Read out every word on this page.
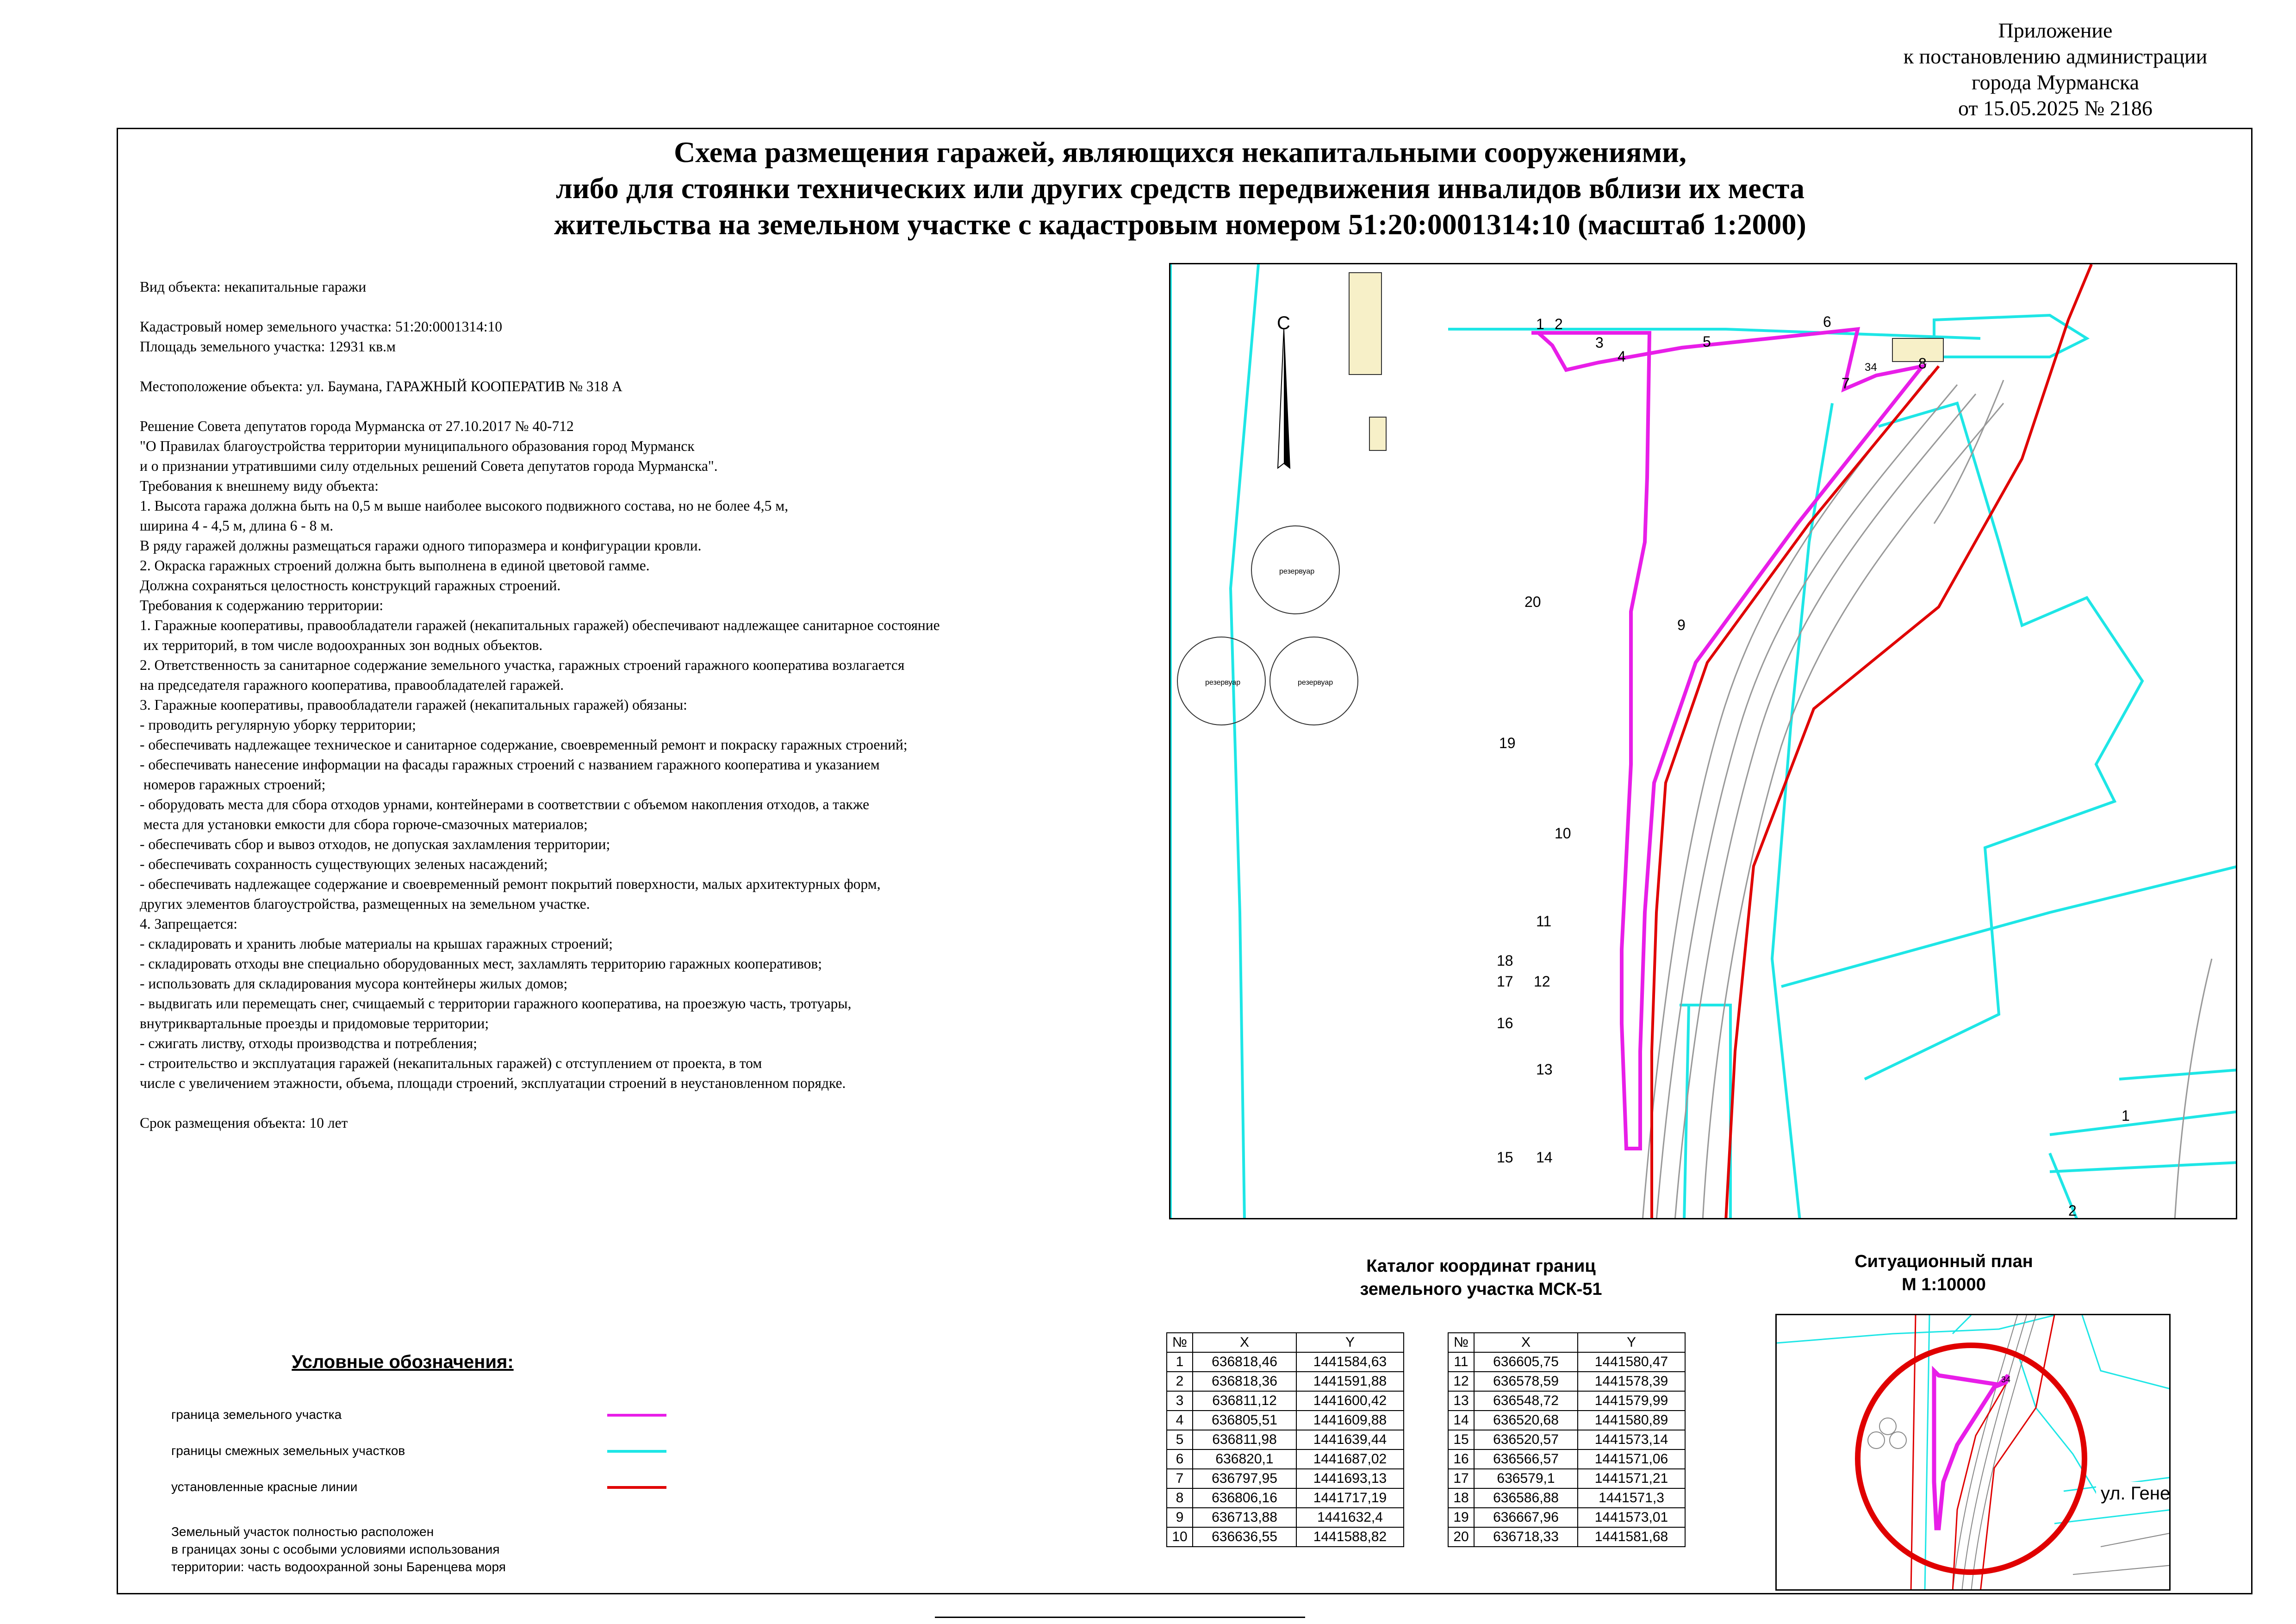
Приложение
к постановлению администрации
города Мурманска
от 15.05.2025 № 2186
Схема размещения гаражей, являющихся некапитальными сооружениями,
либо для стоянки технических или других средств передвижения инвалидов вблизи их места
жительства на земельном участке с кадастровым номером 51:20:0001314:10 (масштаб 1:2000)
Вид объекта: некапитальные гаражи
Кадастровый номер земельного участка: 51:20:0001314:10
Площадь земельного участка: 12931 кв.м
Местоположение объекта: ул. Баумана, ГАРАЖНЫЙ КООПЕРАТИВ № 318 А
Решение Совета депутатов города Мурманска от 27.10.2017 № 40-712
"О Правилах благоустройства территории муниципального образования город Мурманск
и о признании утратившими силу отдельных решений Совета депутатов города Мурманска".
Требования к внешнему виду объекта:
1. Высота гаража должна быть на 0,5 м выше наиболее высокого подвижного состава, но не более 4,5 м,
ширина 4 - 4,5 м, длина 6 - 8 м.
В ряду гаражей должны размещаться гаражи одного типоразмера и конфигурации кровли.
2. Окраска гаражных строений должна быть выполнена в единой цветовой гамме.
Должна сохраняться целостность конструкций гаражных строений.
Требования к содержанию территории:
1. Гаражные кооперативы, правообладатели гаражей (некапитальных гаражей) обеспечивают надлежащее санитарное состояние
их территорий, в том числе водоохранных зон водных объектов.
2. Ответственность за санитарное содержание земельного участка, гаражных строений гаражного кооператива возлагается
на председателя гаражного кооператива, правообладателей гаражей.
3. Гаражные кооперативы, правообладатели гаражей (некапитальных гаражей) обязаны:
- проводить регулярную уборку территории;
- обеспечивать надлежащее техническое и санитарное содержание, своевременный ремонт и покраску гаражных строений;
- обеспечивать нанесение информации на фасады гаражных строений с названием гаражного кооператива и указанием
номеров гаражных строений;
- оборудовать места для сбора отходов урнами, контейнерами в соответствии с объемом накопления отходов, а также
места для установки емкости для сбора горюче-смазочных материалов;
- обеспечивать сбор и вывоз отходов, не допуская захламления территории;
- обеспечивать сохранность существующих зеленых насаждений;
- обеспечивать надлежащее содержание и своевременный ремонт покрытий поверхности, малых архитектурных форм,
других элементов благоустройства, размещенных на земельном участке.
4. Запрещается:
- складировать и хранить любые материалы на крышах гаражных строений;
- складировать отходы вне специально оборудованных мест, захламлять территорию гаражных кооперативов;
- использовать для складирования мусора контейнеры жилых домов;
- выдвигать или перемещать снег, счищаемый с территории гаражного кооператива, на проезжую часть, тротуары,
внутриквартальные проезды и придомовые территории;
- сжигать листву, отходы производства и потребления;
- строительство и эксплуатация гаражей (некапитальных гаражей) с отступлением от проекта, в том
числе с увеличением этажности, объема, площади строений, эксплуатации строений в неустановленном порядке.
Срок размещения объекта: 10 лет
резервуар
резервуар	резервуар
С	1 2
3
4
5
6
7
8
9
10
11
12
13
14
15
16
17
18
19
20
34
1
2
Каталог координат границ
земельного участка МСК-51
№	X	Y
1	636818,46	1441584,63
2	636818,36	1441591,88
3	636811,12	1441600,42
4	636805,51	1441609,88
5	636811,98	1441639,44
6	636820,1	1441687,02
7	636797,95	1441693,13
8	636806,16	1441717,19
9	636713,88	1441632,4
10	636636,55	1441588,82
№	X	Y
11	636605,75	1441580,47
12	636578,59	1441578,39
13	636548,72	1441579,99
14	636520,68	1441580,89
15	636520,57	1441573,14
16	636566,57	1441571,06
17	636579,1	1441571,21
18	636586,88	1441571,3
19	636667,96	1441573,01
20	636718,33	1441581,68
Ситуационный план
М 1:10000
ул. Гене
34
Условные обозначения:
граница земельного участка
границы смежных земельных участков
установленные красные линии
Земельный участок полностью расположен
в границах зоны с особыми условиями использования
территории: часть водоохранной зоны Баренцева моря
